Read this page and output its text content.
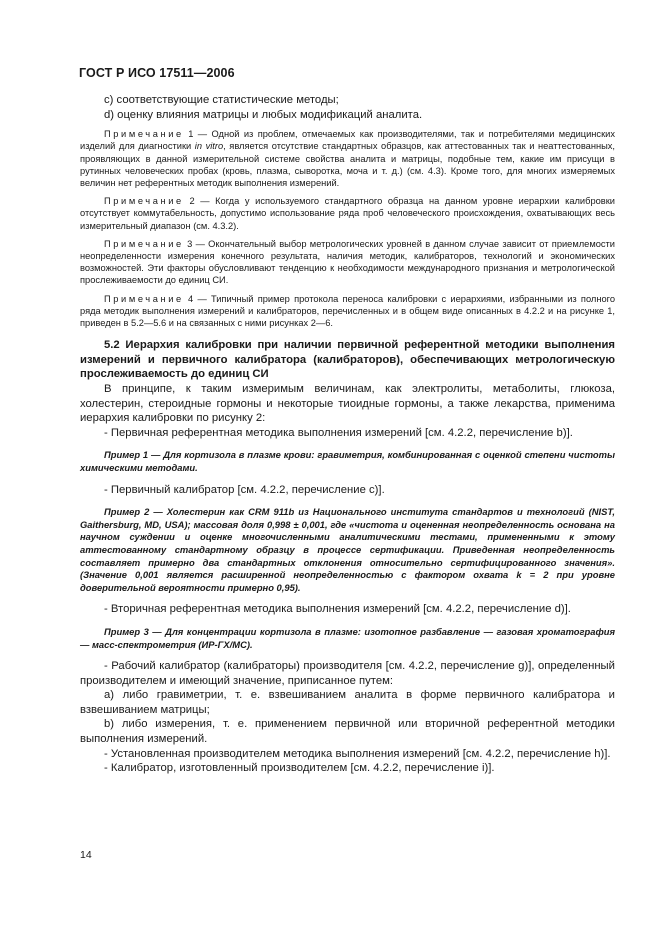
ГОСТ Р ИСО 17511—2006

c) соответствующие статистические методы;

d) оценку влияния матрицы и любых модификаций аналита.

Примечание 1 — Одной из проблем, отмечаемых как производителями, так и потребителями медицинских изделий для диагностики in vitro, является отсутствие стандартных образцов, как аттестованных так и неаттестованных, проявляющих в данной измерительной системе свойства аналита и матрицы, подобные тем, какие им присущи в рутинных человеческих пробах (кровь, плазма, сыворотка, моча и т. д.) (см. 4.3). Кроме того, для многих измеряемых величин нет референтных методик выполнения измерений.

Примечание 2 — Когда у используемого стандартного образца на данном уровне иерархии калибровки отсутствует коммутабельность, допустимо использование ряда проб человеческого происхождения, охватывающих весь измерительный диапазон (см. 4.3.2).

Примечание 3 — Окончательный выбор метрологических уровней в данном случае зависит от приемлемости неопределенности измерения конечного результата, наличия методик, калибраторов, технологий и экономических возможностей. Эти факторы обусловливают тенденцию к необходимости международного признания и метрологической прослеживаемости до единиц СИ.

Примечание 4 — Типичный пример протокола переноса калибровки с иерархиями, избранными из полного ряда методик выполнения измерений и калибраторов, перечисленных и в общем виде описанных в 4.2.2 и на рисунке 1, приведен в 5.2—5.6 и на связанных с ними рисунках 2—6.

5.2 Иерархия калибровки при наличии первичной референтной методики выполнения измерений и первичного калибратора (калибраторов), обеспечивающих метрологическую прослеживаемость до единиц СИ

В принципе, к таким измеримым величинам, как электролиты, метаболиты, глюкоза, холестерин, стероидные гормоны и некоторые тиоидные гормоны, а также лекарства, применима иерархия калибровки по рисунку 2:

- Первичная референтная методика выполнения измерений [см. 4.2.2, перечисление b)].

Пример 1 — Для кортизола в плазме крови: гравиметрия, комбинированная с оценкой степени чистоты химическими методами.

- Первичный калибратор [см. 4.2.2, перечисление c)].

Пример 2 — Холестерин как CRM 911b из Национального института стандартов и технологий (NIST, Gaithersburg, MD, USA); массовая доля 0,998 ± 0,001, где «чистота и оцененная неопределенность основана на научном суждении и оценке многочисленными аналитическими тестами, примененными к этому аттестованному стандартному образцу в процессе сертификации. Приведенная неопределенность составляет примерно два стандартных отклонения относительно сертифицированного значения». (Значение 0,001 является расширенной неопределенностью с фактором охвата k = 2 при уровне доверительной вероятности примерно 0,95).

- Вторичная референтная методика выполнения измерений [см. 4.2.2, перечисление d)].

Пример 3 — Для концентрации кортизола в плазме: изотопное разбавление — газовая хроматография — масс-спектрометрия (ИР-ГХ/МС).

- Рабочий калибратор (калибраторы) производителя [см. 4.2.2, перечисление g)], определенный производителем и имеющий значение, приписанное путем:

а) либо гравиметрии, т. е. взвешиванием аналита в форме первичного калибратора и взвешиванием матрицы;

b) либо измерения, т. е. применением первичной или вторичной референтной методики выполнения измерений.

- Установленная производителем методика выполнения измерений [см. 4.2.2, перечисление h)].

- Калибратор, изготовленный производителем [см. 4.2.2, перечисление i)].

14
